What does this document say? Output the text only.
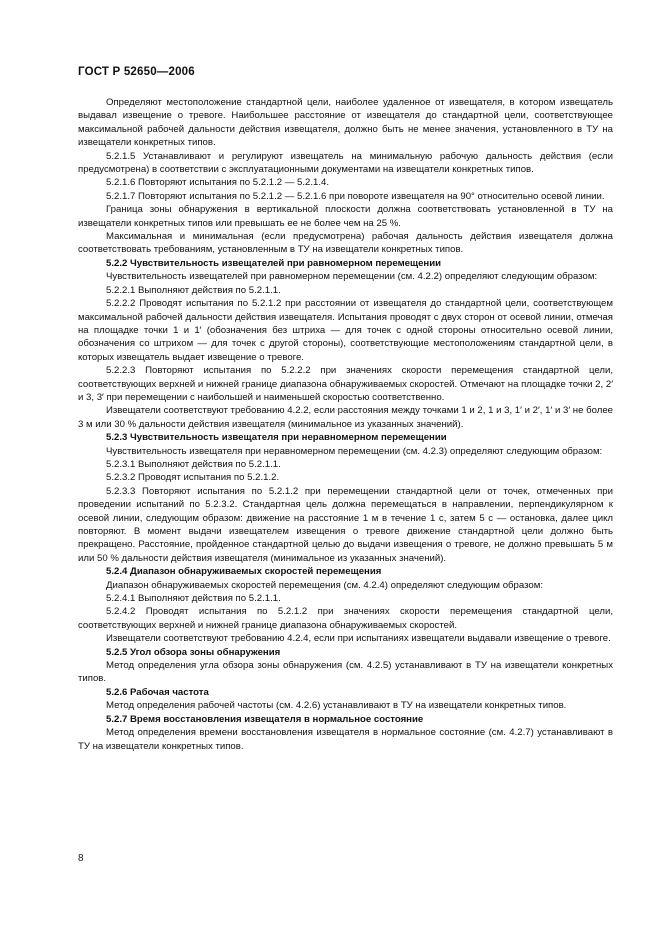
ГОСТ Р 52650—2006

Определяют местоположение стандартной цели, наиболее удаленное от извещателя, в котором извещатель выдавал извещение о тревоге. Наибольшее расстояние от извещателя до стандартной цели, соответствующее максимальной рабочей дальности действия извещателя, должно быть не менее значения, установленного в ТУ на извещатели конкретных типов.

5.2.1.5 Устанавливают и регулируют извещатель на минимальную рабочую дальность действия (если предусмотрена) в соответствии с эксплуатационными документами на извещатели конкретных типов.

5.2.1.6 Повторяют испытания по 5.2.1.2 — 5.2.1.4.

5.2.1.7 Повторяют испытания по 5.2.1.2 — 5.2.1.6 при повороте извещателя на 90° относительно осевой линии.

Граница зоны обнаружения в вертикальной плоскости должна соответствовать установленной в ТУ на извещатели конкретных типов или превышать ее не более чем на 25 %.

Максимальная и минимальная (если предусмотрена) рабочая дальность действия извещателя должна соответствовать требованиям, установленным в ТУ на извещатели конкретных типов.

5.2.2 Чувствительность извещателей при равномерном перемещении

Чувствительность извещателей при равномерном перемещении (см. 4.2.2) определяют следующим образом:

5.2.2.1 Выполняют действия по 5.2.1.1.

5.2.2.2 Проводят испытания по 5.2.1.2 при расстоянии от извещателя до стандартной цели, соответствующем максимальной рабочей дальности действия извещателя. Испытания проводят с двух сторон от осевой линии, отмечая на площадке точки 1 и 1′ (обозначения без штриха — для точек с одной стороны относительно осевой линии, обозначения со штрихом — для точек с другой стороны), соответствующие местоположениям стандартной цели, в которых извещатель выдает извещение о тревоге.

5.2.2.3 Повторяют испытания по 5.2.2.2 при значениях скорости перемещения стандартной цели, соответствующих верхней и нижней границе диапазона обнаруживаемых скоростей. Отмечают на площадке точки 2, 2′ и 3, 3′ при перемещении с наибольшей и наименьшей скоростью соответственно.

Извещатели соответствуют требованию 4.2.2, если расстояния между точками 1 и 2, 1 и 3, 1′ и 2′, 1′ и 3′ не более 3 м или 30 % дальности действия извещателя (минимальное из указанных значений).

5.2.3 Чувствительность извещателя при неравномерном перемещении

Чувствительность извещателя при неравномерном перемещении (см. 4.2.3) определяют следующим образом:

5.2.3.1 Выполняют действия по 5.2.1.1.

5.2.3.2 Проводят испытания по 5.2.1.2.

5.2.3.3 Повторяют испытания по 5.2.1.2 при перемещении стандартной цели от точек, отмеченных при проведении испытаний по 5.2.3.2. Стандартная цель должна перемещаться в направлении, перпендикулярном к осевой линии, следующим образом: движение на расстояние 1 м в течение 1 с, затем 5 с — остановка, далее цикл повторяют. В момент выдачи извещателем извещения о тревоге движение стандартной цели должно быть прекращено. Расстояние, пройденное стандартной целью до выдачи извещения о тревоге, не должно превышать 5 м или 50 % дальности действия извещателя (минимальное из указанных значений).

5.2.4 Диапазон обнаруживаемых скоростей перемещения

Диапазон обнаруживаемых скоростей перемещения (см. 4.2.4) определяют следующим образом:

5.2.4.1 Выполняют действия по 5.2.1.1.

5.2.4.2 Проводят испытания по 5.2.1.2 при значениях скорости перемещения стандартной цели, соответствующих верхней и нижней границе диапазона обнаруживаемых скоростей.

Извещатели соответствуют требованию 4.2.4, если при испытаниях извещатели выдавали извещение о тревоге.

5.2.5 Угол обзора зоны обнаружения

Метод определения угла обзора зоны обнаружения (см. 4.2.5) устанавливают в ТУ на извещатели конкретных типов.

5.2.6 Рабочая частота

Метод определения рабочей частоты (см. 4.2.6) устанавливают в ТУ на извещатели конкретных типов.

5.2.7 Время восстановления извещателя в нормальное состояние

Метод определения времени восстановления извещателя в нормальное состояние (см. 4.2.7) устанавливают в ТУ на извещатели конкретных типов.

8
